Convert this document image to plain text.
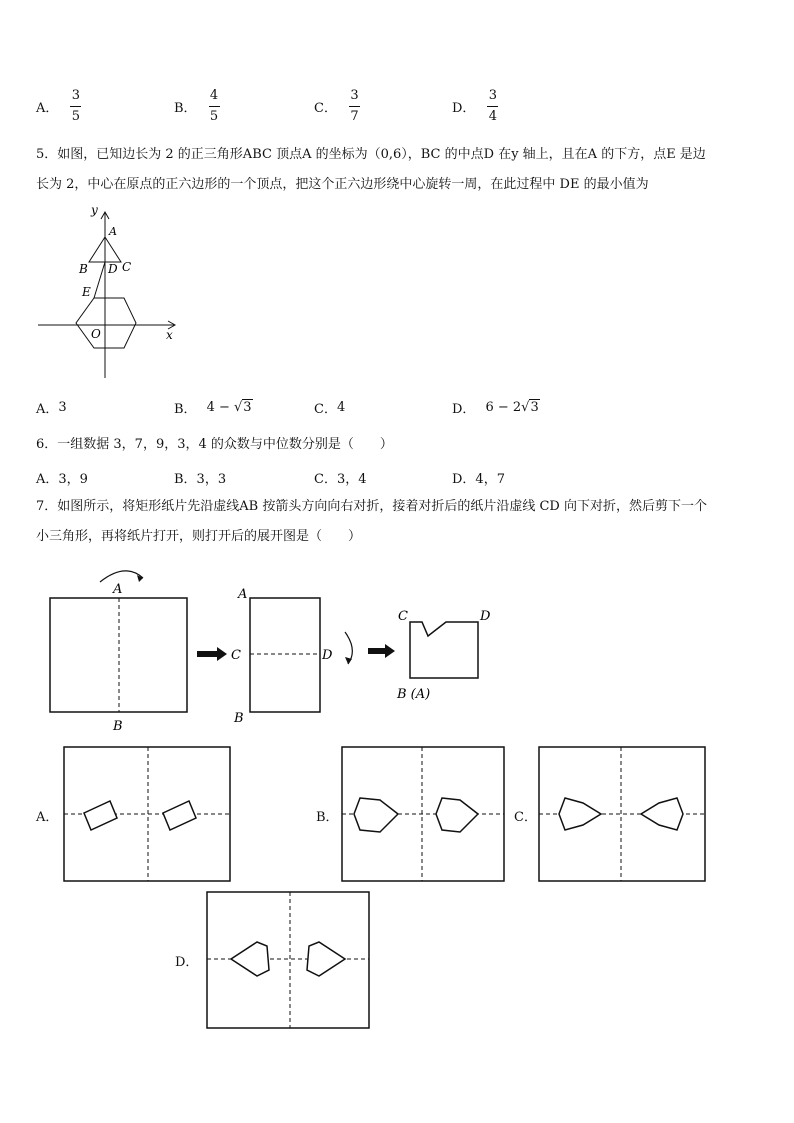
A． $\frac{3}{5}$	B． $\frac{4}{5}$	C． $\frac{3}{7}$	D． $\frac{3}{4}$
5．如图，已知边长为 2 的正三角形ABC 顶点A 的坐标为（0,6），BC 的中点D 在y 轴上，且在A 的下方，点E 是边
长为 2，中心在原点的正六边形的一个顶点，把这个正六边形绕中心旋转一周，在此过程中 DE 的最小值为
y
x
A
B D C
E
O
A． 3	B． 4 − √3	C． 4	D． 6 − 2√3
6．一组数据 3，7，9，3，4 的众数与中位数分别是（　　）
A．3，9	B．3，3	C．3，4	D．4，7
7．如图所示，将矩形纸片先沿虚线AB 按箭头方向向右对折，接着对折后的纸片沿虚线 CD 向下对折，然后剪下一个
小三角形，再将纸片打开，则打开后的展开图是（　　）
A
B
A
B
C	D
C	D
B (A)
A．	B．	C．
D．
